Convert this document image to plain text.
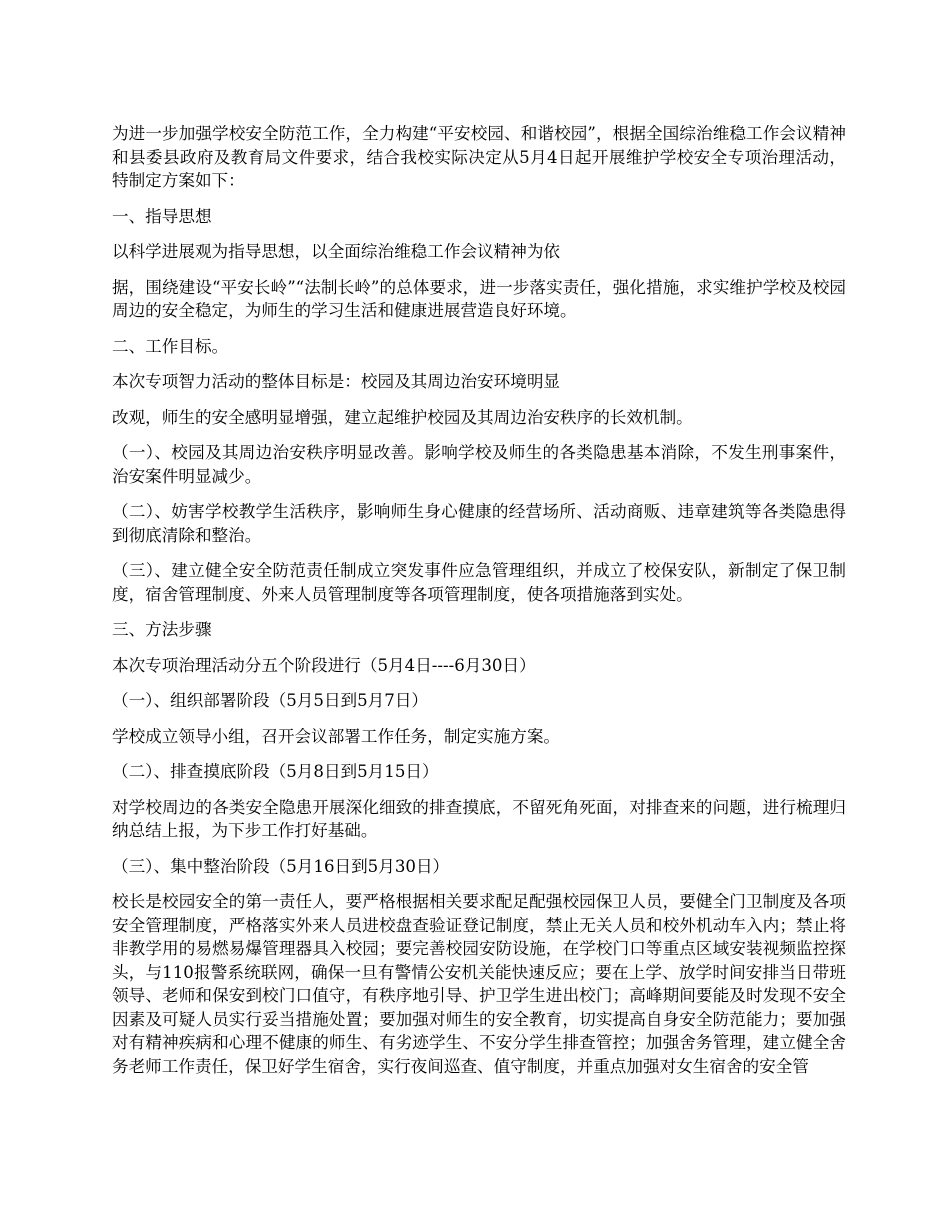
为进一步加强学校安全防范工作，全力构建“平安校园、和谐校园”，根据全国综治维稳工作会议精神和县委县政府及教育局文件要求，结合我校实际决定从5月4日起开展维护学校安全专项治理活动，特制定方案如下：

一、指导思想

以科学进展观为指导思想，以全面综治维稳工作会议精神为依

据，围绕建设“平安长岭”“法制长岭”的总体要求，进一步落实责任，强化措施，求实维护学校及校园周边的安全稳定，为师生的学习生活和健康进展营造良好环境。

二、工作目标。

本次专项智力活动的整体目标是：校园及其周边治安环境明显

改观，师生的安全感明显增强，建立起维护校园及其周边治安秩序的长效机制。

（一）、校园及其周边治安秩序明显改善。影响学校及师生的各类隐患基本消除，不发生刑事案件，治安案件明显减少。

（二）、妨害学校教学生活秩序，影响师生身心健康的经营场所、活动商贩、违章建筑等各类隐患得到彻底清除和整治。

（三）、建立健全安全防范责任制成立突发事件应急管理组织，并成立了校保安队，新制定了保卫制度，宿舍管理制度、外来人员管理制度等各项管理制度，使各项措施落到实处。

三、方法步骤

本次专项治理活动分五个阶段进行（5月4日----6月30日）

（一）、组织部署阶段（5月5日到5月7日）

学校成立领导小组，召开会议部署工作任务，制定实施方案。

（二）、排查摸底阶段（5月8日到5月15日）

对学校周边的各类安全隐患开展深化细致的排查摸底，不留死角死面，对排查来的问题，进行梳理归纳总结上报，为下步工作打好基础。

（三）、集中整治阶段（5月16日到5月30日）

校长是校园安全的第一责任人，要严格根据相关要求配足配强校园保卫人员，要健全门卫制度及各项安全管理制度，严格落实外来人员进校盘查验证登记制度，禁止无关人员和校外机动车入内；禁止将非教学用的易燃易爆管理器具入校园；要完善校园安防设施，在学校门口等重点区域安装视频监控探头，与110报警系统联网，确保一旦有警情公安机关能快速反应；要在上学、放学时间安排当日带班领导、老师和保安到校门口值守，有秩序地引导、护卫学生进出校门；高峰期间要能及时发现不安全因素及可疑人员实行妥当措施处置；要加强对师生的安全教育，切实提高自身安全防范能力；要加强对有精神疾病和心理不健康的师生、有劣迹学生、不安分学生排查管控；加强舍务管理，建立健全舍务老师工作责任，保卫好学生宿舍，实行夜间巡查、值守制度，并重点加强对女生宿舍的安全管
